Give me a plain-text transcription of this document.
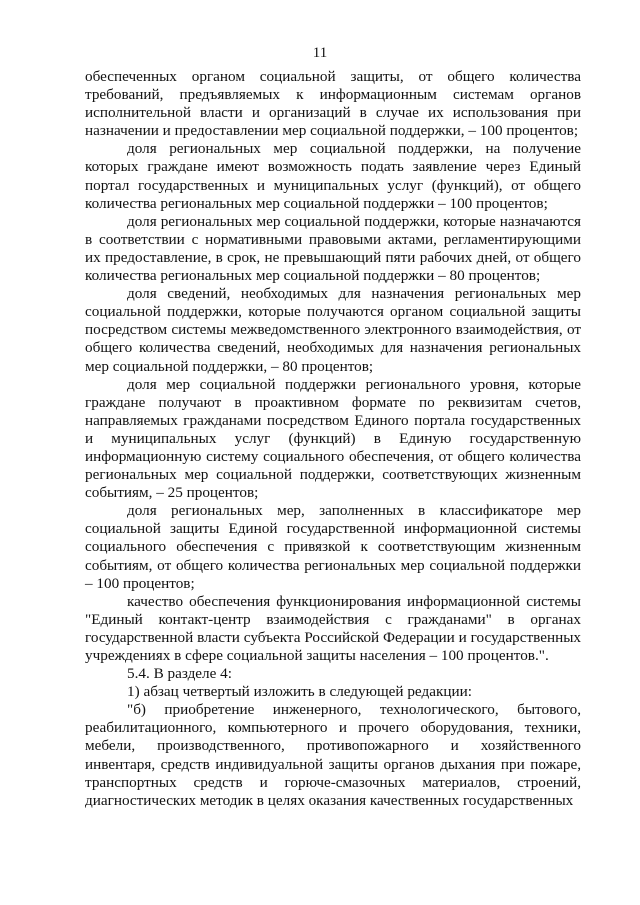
11

обеспеченных органом социальной защиты, от общего количества требований, предъявляемых к информационным системам органов исполнительной власти и организаций в случае их использования при назначении и предоставлении мер социальной поддержки, – 100 процентов;

доля региональных мер социальной поддержки, на получение которых граждане имеют возможность подать заявление через Единый портал государственных и муниципальных услуг (функций), от общего количества региональных мер социальной поддержки – 100 процентов;

доля региональных мер социальной поддержки, которые назначаются в соответствии с нормативными правовыми актами, регламентирующими их предоставление, в срок, не превышающий пяти рабочих дней, от общего количества региональных мер социальной поддержки – 80 процентов;

доля сведений, необходимых для назначения региональных мер социальной поддержки, которые получаются органом социальной защиты посредством системы межведомственного электронного взаимодействия, от общего количества сведений, необходимых для назначения региональных мер социальной поддержки, – 80 процентов;

доля мер социальной поддержки регионального уровня, которые граждане получают в проактивном формате по реквизитам счетов, направляемых гражданами посредством Единого портала государственных и муниципальных услуг (функций) в Единую государственную информационную систему социального обеспечения, от общего количества региональных мер социальной поддержки, соответствующих жизненным событиям, – 25 процентов;

доля региональных мер, заполненных в классификаторе мер социальной защиты Единой государственной информационной системы социального обеспечения с привязкой к соответствующим жизненным событиям, от общего количества региональных мер социальной поддержки – 100 процентов;

качество обеспечения функционирования информационной системы "Единый контакт-центр взаимодействия с гражданами" в органах государственной власти субъекта Российской Федерации и государственных учреждениях в сфере социальной защиты населения – 100 процентов.".

5.4. В разделе 4:

1) абзац четвертый изложить в следующей редакции:

"б) приобретение инженерного, технологического, бытового, реабилитационного, компьютерного и прочего оборудования, техники, мебели, производственного, противопожарного и хозяйственного инвентаря, средств индивидуальной защиты органов дыхания при пожаре, транспортных средств и горюче-смазочных материалов, строений, диагностических методик в целях оказания качественных государственных
